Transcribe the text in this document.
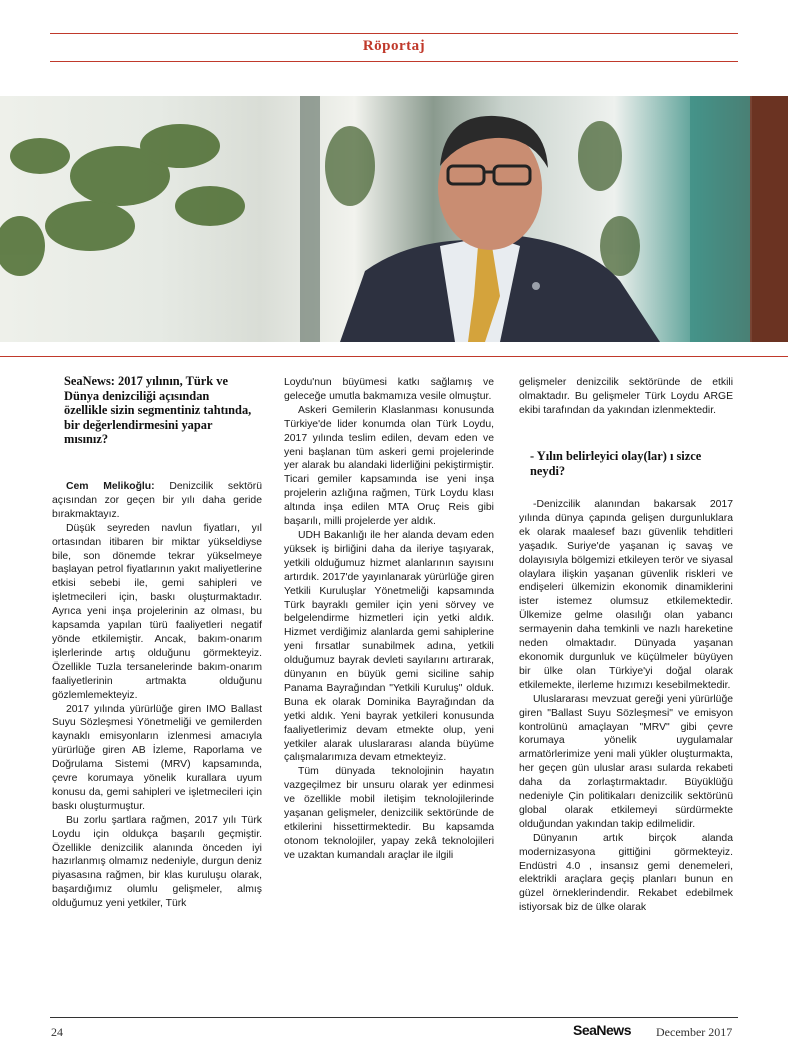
Röportaj
SeaNews: 2017 yılının, Türk ve Dünya denizciliği açısından özellikle sizin segmentiniz tahtında, bir değerlendirmesini yapar mısınız?

Cem Melikoğlu: Denizcilik sektörü açısından zor geçen bir yılı daha geride bırakmaktayız.

Düşük seyreden navlun fiyatları, yıl ortasından itibaren bir miktar yükseldiyse bile, son dönemde tekrar yükselmeye başlayan petrol fiyatlarının yakıt maliyetlerine etkisi sebebi ile, gemi sahipleri ve işletmecileri için, baskı oluşturmaktadır. Ayrıca yeni inşa projelerinin az olması, bu kapsamda yapılan türü faaliyetleri negatif yönde etkilemiştir. Ancak, bakım-onarım işlerlerinde artış olduğunu görmekteyiz. Özellikle Tuzla tersanelerinde bakım-onarım faaliyetlerinin artmakta olduğunu gözlemlemekteyiz.

2017 yılında yürürlüğe giren IMO Ballast Suyu Sözleşmesi Yönetmeliği ve gemilerden kaynaklı emisyonların izlenmesi amacıyla yürürlüğe giren AB İzleme, Raporlama ve Doğrulama Sistemi (MRV) kapsamında, çevre korumaya yönelik kurallara uyum konusu da, gemi sahipleri ve işletmecileri için baskı oluşturmuştur.

Bu zorlu şartlara rağmen, 2017 yılı Türk Loydu için oldukça başarılı geçmiştir. Özellikle denizcilik alanında önceden iyi hazırlanmış olmamız nedeniyle, durgun deniz piyasasına rağmen, bir klas kuruluşu olarak, başardığımız olumlu gelişmeler, almış olduğumuz yeni yetkiler, Türk

Loydu'nun büyümesi katkı sağlamış ve geleceğe umutla bakmamıza vesile olmuştur.

Askeri Gemilerin Klaslanması konusunda Türkiye'de lider konumda olan Türk Loydu, 2017 yılında teslim edilen, devam eden ve yeni başlanan tüm askeri gemi projelerinde yer alarak bu alandaki liderliğini pekiştirmiştir. Ticari gemiler kapsamında ise yeni inşa projelerin azlığına rağmen, Türk Loydu klası altında inşa edilen MTA Oruç Reis gibi başarılı, milli projelerde yer aldık.

UDH Bakanlığı ile her alanda devam eden yüksek iş birliğini daha da ileriye taşıyarak, yetkili olduğumuz hizmet alanlarının sayısını artırdık. 2017'de yayınlanarak yürürlüğe giren Yetkili Kuruluşlar Yönetmeliği kapsamında Türk bayraklı gemiler için yeni sörvey ve belgelendirme hizmetleri için yetki aldık. Hizmet verdiğimiz alanlarda gemi sahiplerine yeni fırsatlar sunabilmek adına, yetkili olduğumuz bayrak devleti sayılarını artırarak, dünyanın en büyük gemi siciline sahip Panama Bayrağından "Yetkili Kuruluş" olduk. Buna ek olarak Dominika Bayrağından da yetki aldık. Yeni bayrak yetkileri konusunda faaliyetlerimiz devam etmekte olup, yeni yetkiler alarak uluslararası alanda büyüme çalışmalarımıza devam etmekteyiz.

Tüm dünyada teknolojinin hayatın vazgeçilmez bir unsuru olarak yer edinmesi ve özellikle mobil iletişim teknolojilerinde yaşanan gelişmeler, denizcilik sektöründe de etkilerini hissettirmektedir. Bu kapsamda otonom teknolojiler, yapay zekâ teknolojileri ve uzaktan kumandalı araçlar ile ilgili

gelişmeler denizcilik sektöründe de etkili olmaktadır. Bu gelişmeler Türk Loydu ARGE ekibi tarafından da yakından izlenmektedir.

- Yılın belirleyici olay(lar) ı sizce neydi?

-Denizcilik alanından bakarsak 2017 yılında dünya çapında gelişen durgunluklara ek olarak maalesef bazı güvenlik tehditleri yaşadık. Suriye'de yaşanan iç savaş ve dolayısıyla bölgemizi etkileyen terör ve siyasal olaylara ilişkin yaşanan güvenlik riskleri ve endişeleri ülkemizin ekonomik dinamiklerini ister istemez olumsuz etkilemektedir. Ülkemize gelme olasılığı olan yabancı sermayenin daha temkinli ve nazlı hareketine neden olmaktadır. Dünyada yaşanan ekonomik durgunluk ve küçülmeler büyüyen bir ülke olan Türkiye'yi doğal olarak etkilemekte, ilerleme hızımızı kesebilmektedir.

Uluslararası mevzuat gereği yeni yürürlüğe giren "Ballast Suyu Sözleşmesi" ve emisyon kontrolünü amaçlayan "MRV" gibi çevre korumaya yönelik uygulamalar armatörlerimize yeni mali yükler oluşturmakta, her geçen gün uluslar arası sularda rekabeti daha da zorlaştırmaktadır. Büyüklüğü nedeniyle Çin politikaları denizcilik sektörünü global olarak etkilemeyi sürdürmekte olduğundan yakından takip edilmelidir.

Dünyanın artık birçok alanda modernizasyona gittiğini görmekteyiz. Endüstri 4.0 , insansız gemi denemeleri, elektrikli araçlara geçiş planları bunun en güzel örneklerindendir. Rekabet edebilmek istiyorsak biz de ülke olarak

24	SeaNews December 2017
